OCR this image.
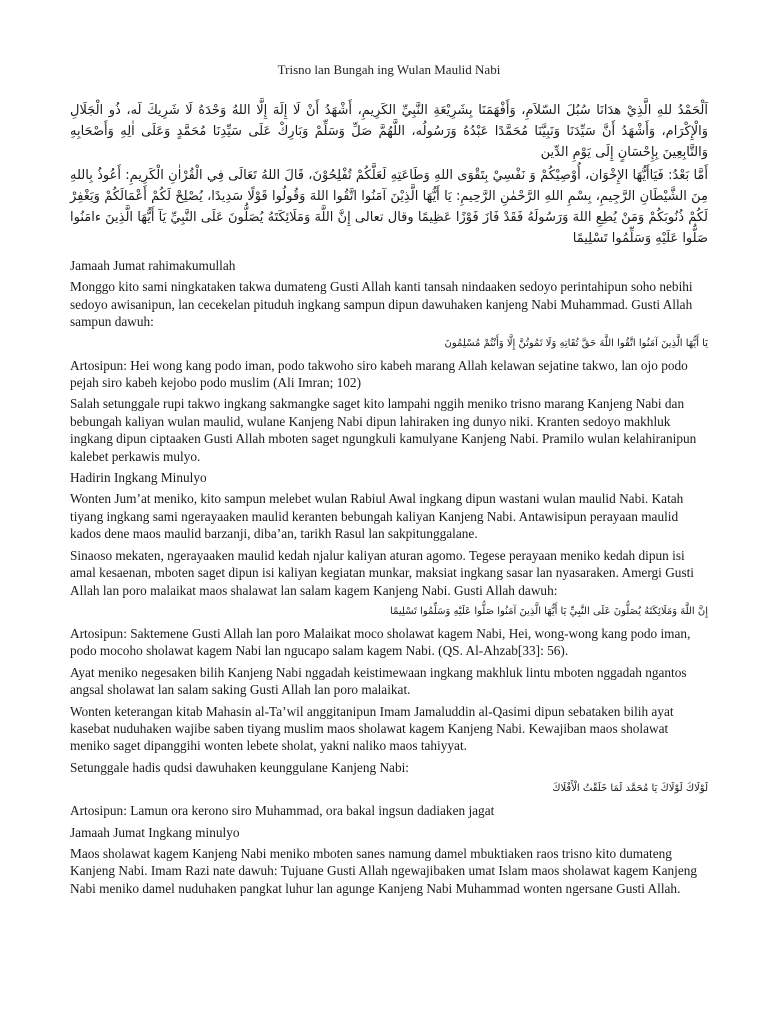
Trisno lan Bungah ing Wulan Maulid Nabi

اَلْحَمْدُ للهِ الَّذِيْ هدَانَا سُبُلَ السّلاَمِ، وَأَفْهَمَنَا بِشَرِيْعَةِ النَّبِيِّ الكَرِيمِ، أَشْهَدُ أَنْ لَا إِلَهَ إِلَّا اللهُ وَحْدَهُ لَا شَرِيكَ لَه، ذُو الْجَلَالِ وَالْإِكْرَام، وَأَشْهَدُ أَنَّ سَيِّدَنَا وَنَبِيَّنَا مُحَمَّدًا عَبْدُهُ وَرَسُولُه، اللَّهُمَّ صَلِّ وَسَلِّمْ وَبَارِكْ عَلَى سَيِّدِنَا مُحَمَّدٍ وَعَلَى اٰلِهِ وَأَصْحَابِهِ وَالتَّابِعِينَ بِإِحْسَانٍ إِلَى يَوْمِ الدِّين

أَمَّا بَعْدُ: فَيَاأَيُّهَا الإِخْوَان، أُوْصِيْكُمْ وَ نَفْسِيْ بِتَقْوَى اللهِ وَطَاعَتِهِ لَعَلَّكُمْ تُفْلِحُوْنَ، قَالَ اللهُ تَعَالَى فِي الْقُرْاٰنِ الْكَرِيمِ: أَعُوذُ بِاللهِ مِنَ الشَّيْطَانِ الرَّجِيمِ، بِسْمِ اللهِ الرَّحْمٰنِ الرَّحِيمِ: يَا أَيُّهَا الَّذِيْنَ آمَنُوا اتَّقُوا اللهَ وَقُولُوا قَوْلًا سَدِيدًا، يُصْلِحْ لَكُمْ أَعْمَالَكُمْ وَيَغْفِرْ لَكُمْ ذُنُوبَكُمْ وَمَنْ يُطِعِ اللهَ وَرَسُولَهُ فَقَدْ فَازَ فَوْزًا عَظِيمًا وقال تعالى إِنَّ اللَّهَ وَمَلَائِكَتَهُ يُصَلُّونَ عَلَى النَّبِيِّ يَآ أَيُّهَا الَّذِينَ ءامَنُوا صَلُّوا عَلَيْهِ وَسَلِّمُوا تَسْلِيمًا

Jamaah Jumat rahimakumullah

Monggo kito sami ningkataken takwa dumateng Gusti Allah kanti tansah nindaaken sedoyo perintahipun soho nebihi sedoyo awisanipun, lan cecekelan pituduh ingkang sampun dipun dawuhaken kanjeng Nabi Muhammad. Gusti Allah sampun dawuh:

يَا أَيُّهَا الَّذِينَ آمَنُوا اتَّقُوا اللَّهَ حَقَّ تُقَاتِهِ وَلَا تَمُوتُنَّ إِلَّا وَأَنْتُمْ مُسْلِمُونَ

Artosipun: Hei wong kang podo iman, podo takwoho siro kabeh marang Allah kelawan sejatine takwo, lan ojo podo pejah siro kabeh kejobo podo muslim (Ali Imran; 102)

Salah setunggale rupi takwo ingkang sakmangke saget kito lampahi nggih meniko trisno marang Kanjeng Nabi dan bebungah kaliyan wulan maulid, wulane Kanjeng Nabi dipun lahiraken ing dunyo niki. Kranten sedoyo makhluk ingkang dipun ciptaaken Gusti Allah mboten saget ngungkuli kamulyane Kanjeng Nabi. Pramilo wulan kelahiranipun kalebet perkawis mulyo.

Hadirin Ingkang Minulyo

Wonten Jum’at meniko, kito sampun melebet wulan Rabiul Awal ingkang dipun wastani wulan maulid Nabi. Katah tiyang ingkang sami ngerayaaken maulid keranten bebungah kaliyan Kanjeng Nabi. Antawisipun perayaan maulid kados dene maos maulid barzanji, diba’an, tarikh Rasul lan sakpitunggalane.

Sinaoso mekaten, ngerayaaken maulid kedah njalur kaliyan aturan agomo. Tegese perayaan meniko kedah dipun isi amal kesaenan, mboten saget dipun isi kaliyan kegiatan munkar, maksiat ingkang sasar lan nyasaraken. Amergi Gusti Allah lan poro malaikat maos shalawat lan salam kagem Kanjeng Nabi. Gusti Allah dawuh:

إِنَّ اللَّهَ وَمَلَائِكَتَهُ يُصَلُّونَ عَلَى النَّبِيِّ يَا أَيُّهَا الَّذِينَ آمَنُوا صَلُّوا عَلَيْهِ وَسَلِّمُوا تَسْلِيمًا

Artosipun: Saktemene Gusti Allah lan poro Malaikat moco sholawat kagem Nabi, Hei, wong-wong kang podo iman, podo mocoho sholawat kagem Nabi lan ngucapo salam kagem Nabi. (QS. Al-Ahzab[33]: 56).

Ayat meniko negesaken bilih Kanjeng Nabi nggadah keistimewaan ingkang makhluk lintu mboten nggadah ngantos angsal sholawat lan salam saking Gusti Allah lan poro malaikat.

Wonten keterangan kitab Mahasin al-Ta’wil anggitanipun Imam Jamaluddin al-Qasimi dipun sebataken bilih ayat kasebat nuduhaken wajibe saben tiyang muslim maos sholawat kagem Kanjeng Nabi. Kewajiban maos sholawat meniko saget dipanggihi wonten lebete sholat, yakni naliko maos tahiyyat.

Setunggale hadis qudsi dawuhaken keunggulane Kanjeng Nabi:

لَوْلَاكَ لَوْلَاكَ يَا مُحَمَّد لَمَا خَلَقْتُ الْأَفْلَاكَ

Artosipun: Lamun ora kerono siro Muhammad, ora bakal ingsun dadiaken jagat

Jamaah Jumat Ingkang minulyo

Maos sholawat kagem Kanjeng Nabi meniko mboten sanes namung damel mbuktiaken raos trisno kito dumateng Kanjeng Nabi. Imam Razi nate dawuh: Tujuane Gusti Allah ngewajibaken umat Islam maos sholawat kagem Kanjeng Nabi meniko damel nuduhaken pangkat luhur lan agunge Kanjeng Nabi Muhammad wonten ngersane Gusti Allah.
